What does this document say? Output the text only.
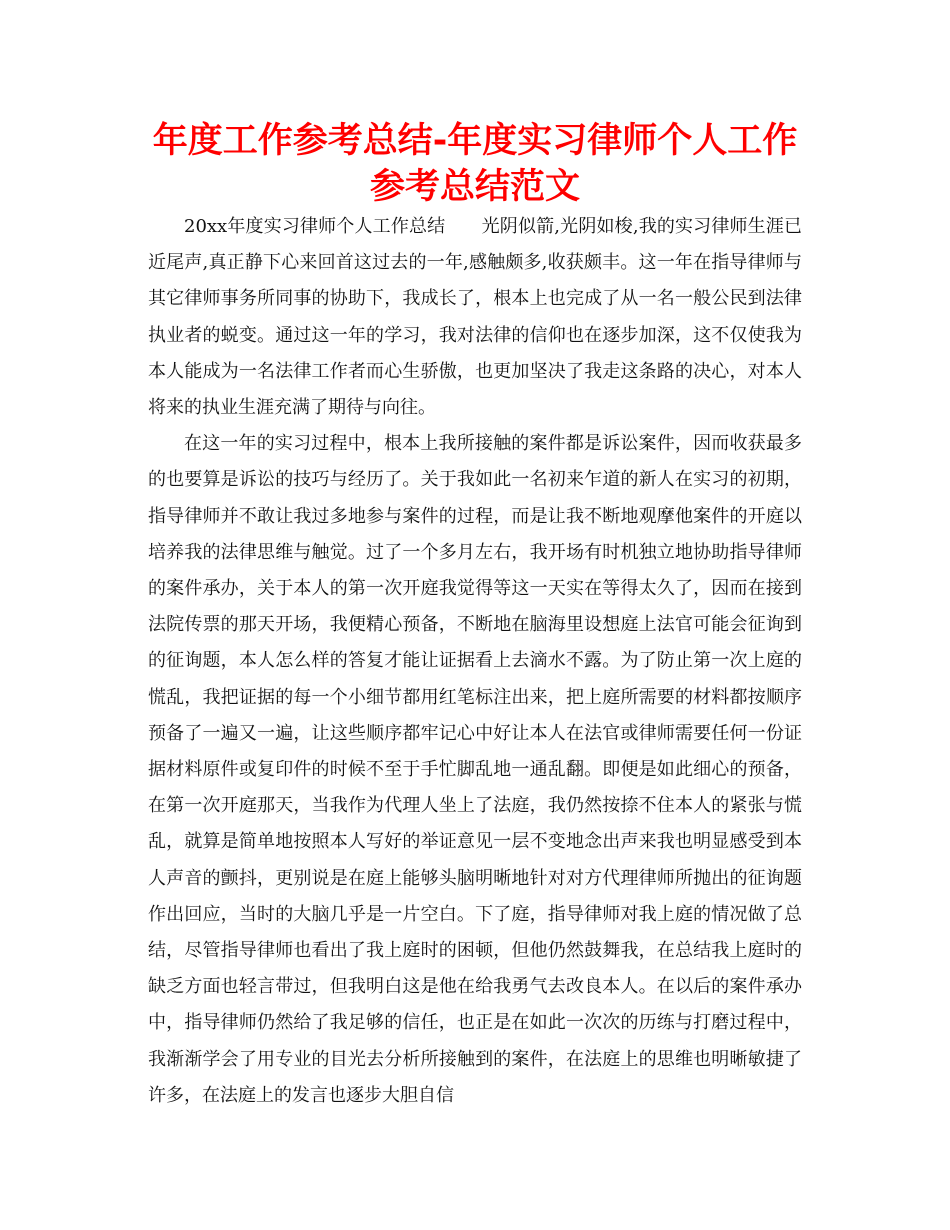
年度工作参考总结-年度实习律师个人工作参考总结范文

20xx年度实习律师个人工作总结　　光阴似箭,光阴如梭,我的实习律师生涯已近尾声,真正静下心来回首这过去的一年,感触颇多,收获颇丰。这一年在指导律师与其它律师事务所同事的协助下，我成长了，根本上也完成了从一名一般公民到法律执业者的蜕变。通过这一年的学习，我对法律的信仰也在逐步加深，这不仅使我为本人能成为一名法律工作者而心生骄傲，也更加坚决了我走这条路的决心，对本人将来的执业生涯充满了期待与向往。

在这一年的实习过程中，根本上我所接触的案件都是诉讼案件，因而收获最多的也要算是诉讼的技巧与经历了。关于我如此一名初来乍道的新人在实习的初期，指导律师并不敢让我过多地参与案件的过程，而是让我不断地观摩他案件的开庭以培养我的法律思维与触觉。过了一个多月左右，我开场有时机独立地协助指导律师的案件承办，关于本人的第一次开庭我觉得等这一天实在等得太久了，因而在接到法院传票的那天开场，我便精心预备，不断地在脑海里设想庭上法官可能会征询到的征询题，本人怎么样的答复才能让证据看上去滴水不露。为了防止第一次上庭的慌乱，我把证据的每一个小细节都用红笔标注出来，把上庭所需要的材料都按顺序预备了一遍又一遍，让这些顺序都牢记心中好让本人在法官或律师需要任何一份证据材料原件或复印件的时候不至于手忙脚乱地一通乱翻。即便是如此细心的预备，在第一次开庭那天，当我作为代理人坐上了法庭，我仍然按捺不住本人的紧张与慌乱，就算是简单地按照本人写好的举证意见一层不变地念出声来我也明显感受到本人声音的颤抖，更别说是在庭上能够头脑明晰地针对对方代理律师所抛出的征询题作出回应，当时的大脑几乎是一片空白。下了庭，指导律师对我上庭的情况做了总结，尽管指导律师也看出了我上庭时的困顿，但他仍然鼓舞我，在总结我上庭时的缺乏方面也轻言带过，但我明白这是他在给我勇气去改良本人。在以后的案件承办中，指导律师仍然给了我足够的信任，也正是在如此一次次的历练与打磨过程中，我渐渐学会了用专业的目光去分析所接触到的案件，在法庭上的思维也明晰敏捷了许多，在法庭上的发言也逐步大胆自信
